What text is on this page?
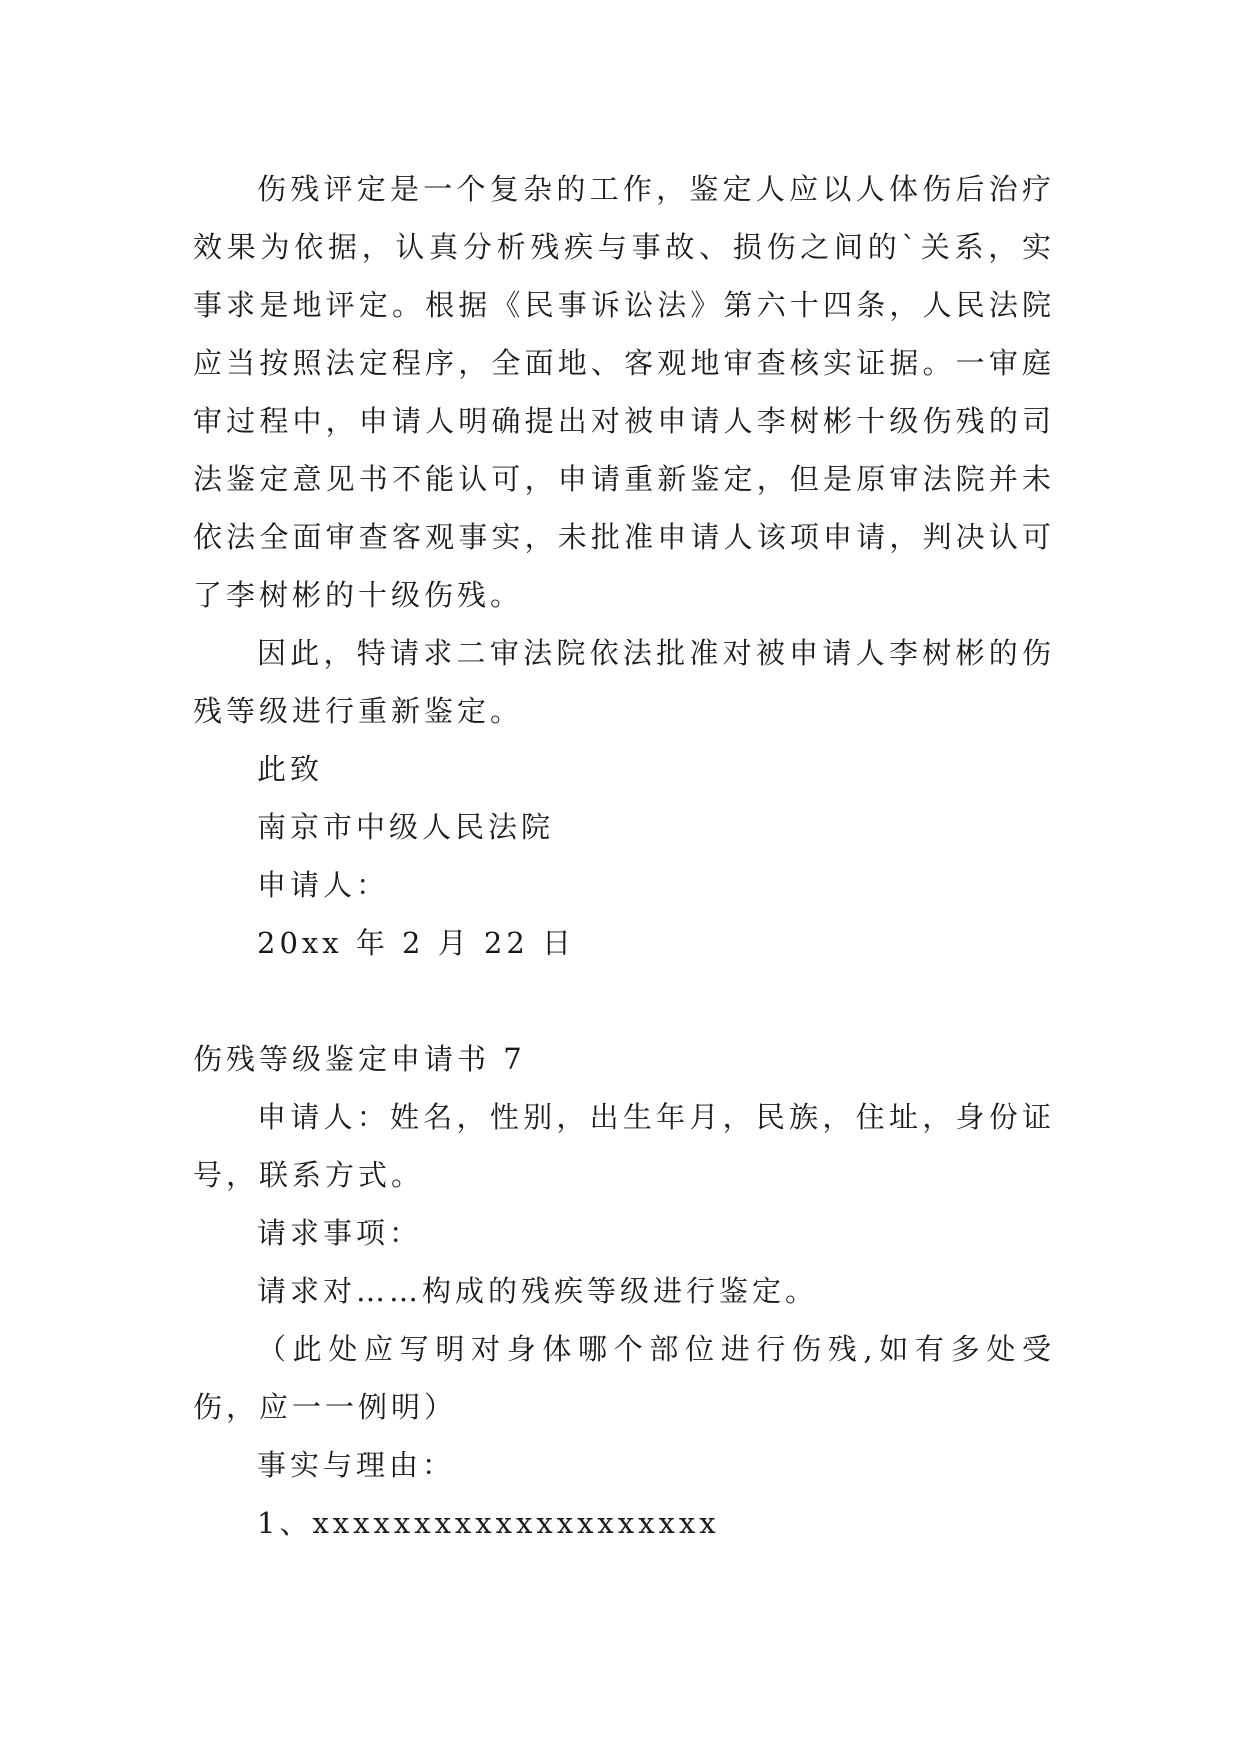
伤残评定是一个复杂的工作，鉴定人应以人体伤后治疗效果为依据，认真分析残疾与事故、损伤之间的`关系，实事求是地评定。根据《民事诉讼法》第六十四条，人民法院应当按照法定程序，全面地、客观地审查核实证据。一审庭审过程中，申请人明确提出对被申请人李树彬十级伤残的司法鉴定意见书不能认可，申请重新鉴定，但是原审法院并未依法全面审查客观事实，未批准申请人该项申请，判决认可了李树彬的十级伤残。

因此，特请求二审法院依法批准对被申请人李树彬的伤残等级进行重新鉴定。

此致

南京市中级人民法院

申请人：

20xx 年 2 月 22 日

伤残等级鉴定申请书 7

申请人：姓名，性别，出生年月，民族，住址，身份证号，联系方式。

请求事项：

请求对……构成的残疾等级进行鉴定。

（此处应写明对身体哪个部位进行伤残,如有多处受伤，应一一例明）

事实与理由：

1、xxxxxxxxxxxxxxxxxxxx
